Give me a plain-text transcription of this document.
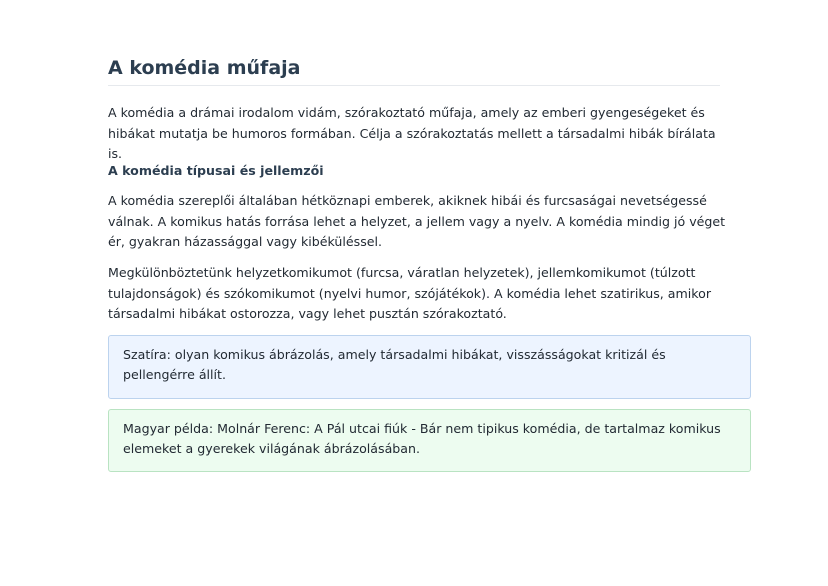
A komédia műfaja

A komédia a drámai irodalom vidám, szórakoztató műfaja, amely az emberi gyengeségeket és hibákat mutatja be humoros formában. Célja a szórakoztatás mellett a társadalmi hibák bírálata is.

A komédia típusai és jellemzői

A komédia szereplői általában hétköznapi emberek, akiknek hibái és furcsaságai nevetségessé válnak. A komikus hatás forrása lehet a helyzet, a jellem vagy a nyelv. A komédia mindig jó véget ér, gyakran házassággal vagy kibéküléssel.

Megkülönböztetünk helyzetkomikumot (furcsa, váratlan helyzetek), jellemkomikumot (túlzott tulajdonságok) és szókomikumot (nyelvi humor, szójátékok). A komédia lehet szatirikus, amikor társadalmi hibákat ostorozza, vagy lehet pusztán szórakoztató.

Szatíra: olyan komikus ábrázolás, amely társadalmi hibákat, visszásságokat kritizál és pellengérre állít.

Magyar példa: Molnár Ferenc: A Pál utcai fiúk - Bár nem tipikus komédia, de tartalmaz komikus elemeket a gyerekek világának ábrázolásában.
